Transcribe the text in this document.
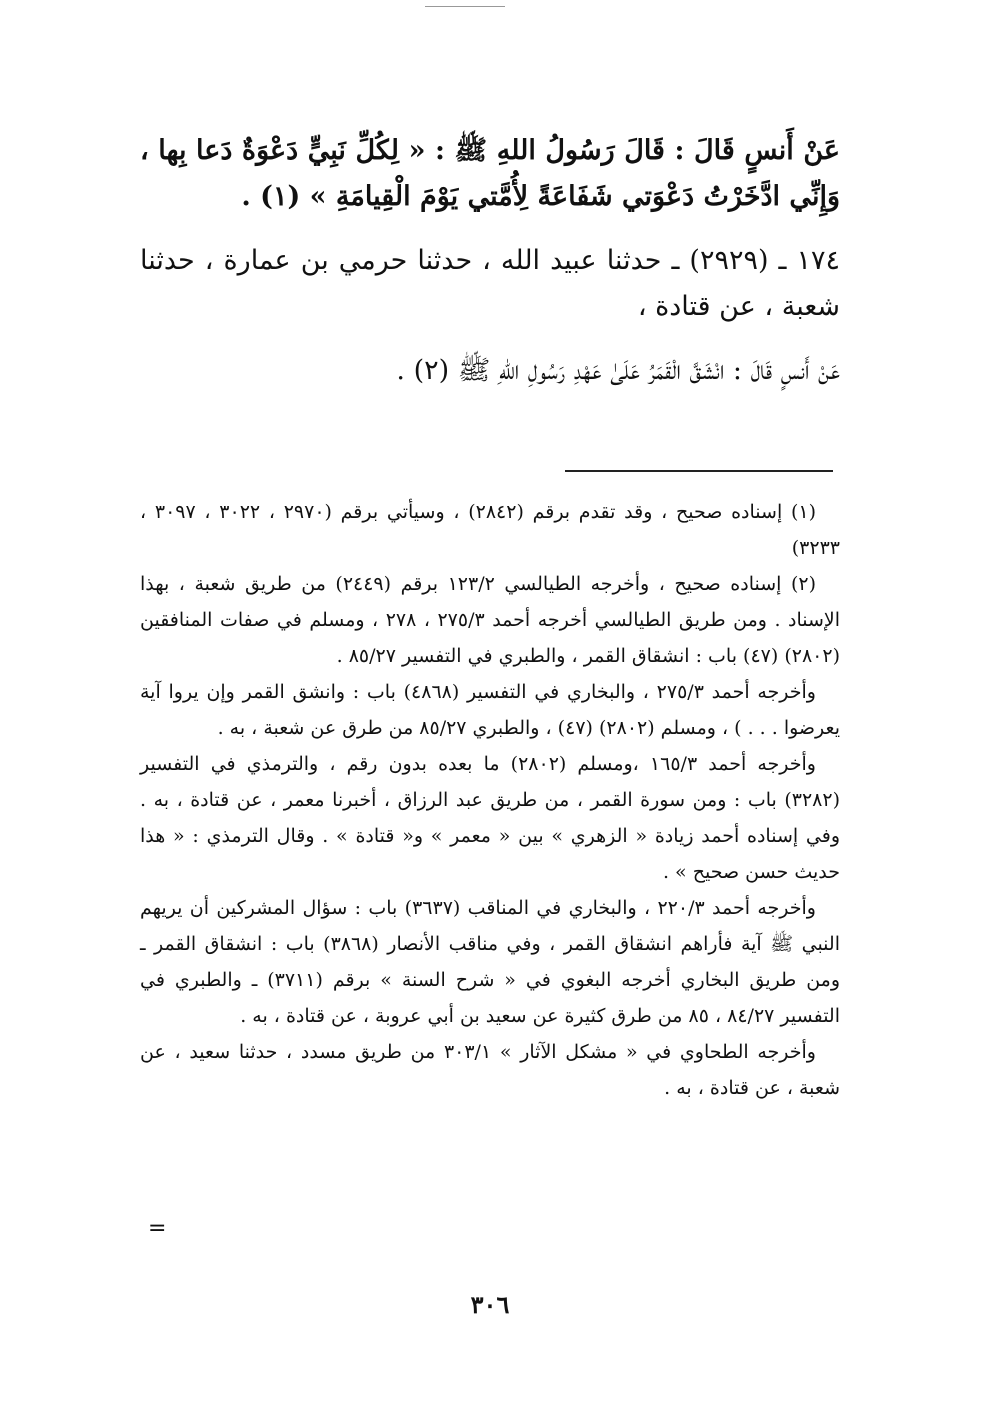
عَنْ أَنسٍ قَالَ : قَالَ رَسُولُ اللهِ ﷺ : « لِكُلِّ نَبِيٍّ دَعْوَةٌ دَعا بِها ، وَإِنِّي ادَّخَرْتُ دَعْوَتي شَفَاعَةً لِأُمَّتي يَوْمَ الْقِيامَةِ » (١) .

١٧٤ ـ (٢٩٢٩) ـ حدثنا عبيد الله ، حدثنا حرمي بن عمارة ، حدثنا شعبة ، عن قتادة ،

عَنْ أَنسٍ قَالَ : انْشَقَّ الْقَمَرُ عَلَىٰ عَهْدِ رَسُولِ اللهِ ﷺ (٢) .

(١) إسناده صحيح ، وقد تقدم برقم (٢٨٤٢) ، وسيأتي برقم (٢٩٧٠ ، ٣٠٢٢ ، ٣٠٩٧ ، ٣٢٣٣)

(٢) إسناده صحيح ، وأخرجه الطيالسي ١٢٣/٢ برقم (٢٤٤٩) من طريق شعبة ، بهذا الإسناد . ومن طريق الطيالسي أخرجه أحمد ٢٧٥/٣ ، ٢٧٨ ، ومسلم في صفات المنافقين (٢٨٠٢) (٤٧) باب : انشقاق القمر ، والطبري في التفسير ٨٥/٢٧ .

وأخرجه أحمد ٢٧٥/٣ ، والبخاري في التفسير (٤٨٦٨) باب : وانشق القمر وإن يروا آية يعرضوا . . . ) ، ومسلم (٢٨٠٢) (٤٧) ، والطبري ٨٥/٢٧ من طرق عن شعبة ، به .

وأخرجه أحمد ١٦٥/٣ ،ومسلم (٢٨٠٢) ما بعده بدون رقم ، والترمذي في التفسير (٣٢٨٢) باب : ومن سورة القمر ، من طريق عبد الرزاق ، أخبرنا معمر ، عن قتادة ، به . وفي إسناده أحمد زيادة « الزهري » بين « معمر » و« قتادة » . وقال الترمذي : « هذا حديث حسن صحيح » .

وأخرجه أحمد ٢٢٠/٣ ، والبخاري في المناقب (٣٦٣٧) باب : سؤال المشركين أن يريهم النبي ﷺ آية فأراهم انشقاق القمر ، وفي مناقب الأنصار (٣٨٦٨) باب : انشقاق القمر ـ ومن طريق البخاري أخرجه البغوي في « شرح السنة » برقم (٣٧١١) ـ والطبري في التفسير ٨٤/٢٧ ، ٨٥ من طرق كثيرة عن سعيد بن أبي عروبة ، عن قتادة ، به .

وأخرجه الطحاوي في « مشكل الآثار » ٣٠٣/١ من طريق مسدد ، حدثنا سعيد ، عن شعبة ، عن قتادة ، به .

=
٣٠٦
